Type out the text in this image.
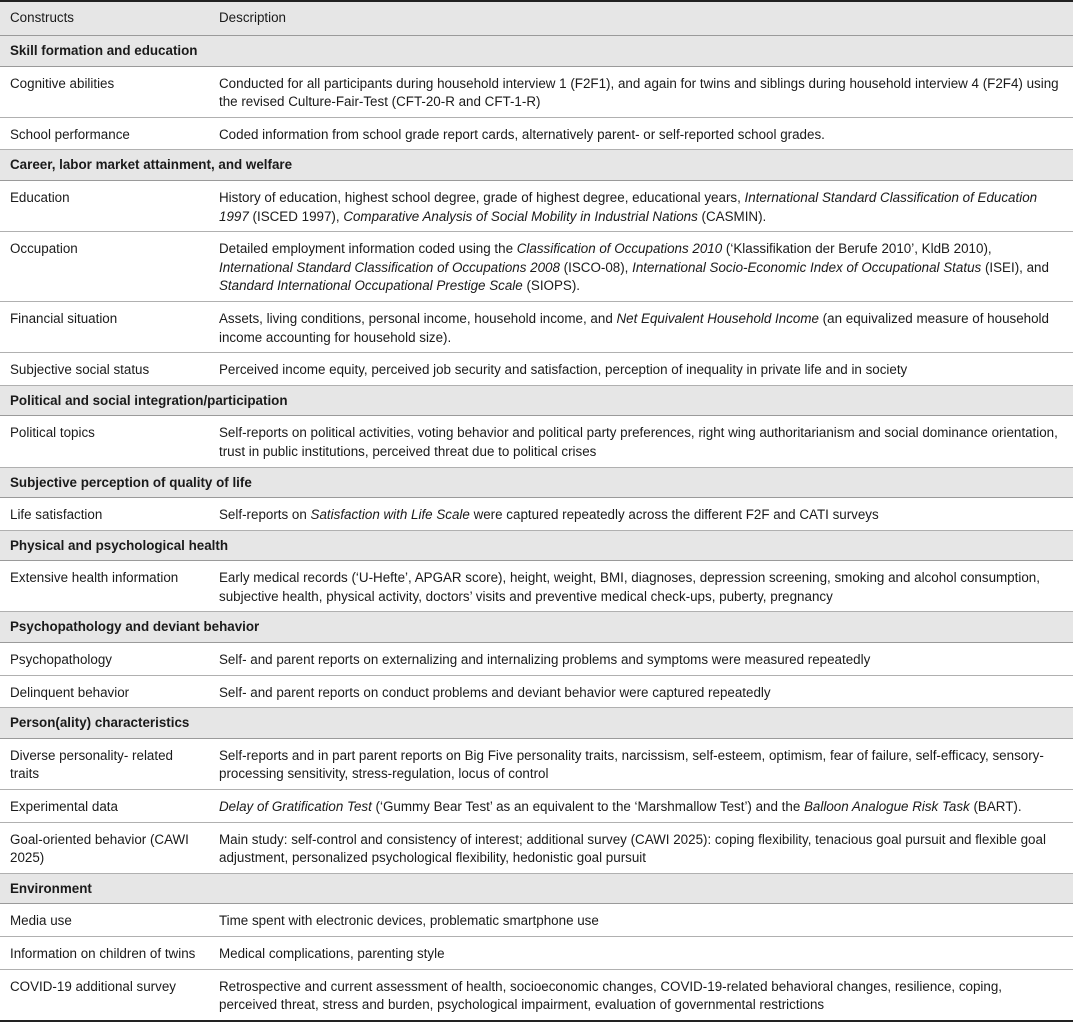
Constructs	Description
Skill formation and education	
Cognitive abilities	Conducted for all participants during household interview 1 (F2F1), and again for twins and siblings during household interview 4 (F2F4) using the revised Culture-Fair-Test (CFT-20-R and CFT-1-R)
School performance	Coded information from school grade report cards, alternatively parent- or self-reported school grades.
Career, labor market attainment, and welfare	
Education	History of education, highest school degree, grade of highest degree, educational years, International Standard Classification of Education 1997 (ISCED 1997), Comparative Analysis of Social Mobility in Industrial Nations (CASMIN).
Occupation	Detailed employment information coded using the Classification of Occupations 2010 (‘Klassifikation der Berufe 2010’, KldB 2010), International Standard Classification of Occupations 2008 (ISCO-08), International Socio-Economic Index of Occupational Status (ISEI), and Standard International Occupational Prestige Scale (SIOPS).
Financial situation	Assets, living conditions, personal income, household income, and Net Equivalent Household Income (an equivalized measure of household income accounting for household size).
Subjective social status	Perceived income equity, perceived job security and satisfaction, perception of inequality in private life and in society
Political and social integration/participation	
Political topics	Self-reports on political activities, voting behavior and political party preferences, right wing authoritarianism and social dominance orientation, trust in public institutions, perceived threat due to political crises
Subjective perception of quality of life	
Life satisfaction	Self-reports on Satisfaction with Life Scale were captured repeatedly across the different F2F and CATI surveys
Physical and psychological health	
Extensive health information	Early medical records (‘U-Hefte’, APGAR score), height, weight, BMI, diagnoses, depression screening, smoking and alcohol consumption, subjective health, physical activity, doctors’ visits and preventive medical check-ups, puberty, pregnancy
Psychopathology and deviant behavior	
Psychopathology	Self- and parent reports on externalizing and internalizing problems and symptoms were measured repeatedly
Delinquent behavior	Self- and parent reports on conduct problems and deviant behavior were captured repeatedly
Person(ality) characteristics	
Diverse personality- related traits	Self-reports and in part parent reports on Big Five personality traits, narcissism, self-esteem, optimism, fear of failure, self-efficacy, sensory-processing sensitivity, stress-regulation, locus of control
Experimental data	Delay of Gratification Test (‘Gummy Bear Test’ as an equivalent to the ‘Marshmallow Test’) and the Balloon Analogue Risk Task (BART).
Goal-oriented behavior (CAWI 2025)	Main study: self-control and consistency of interest; additional survey (CAWI 2025): coping flexibility, tenacious goal pursuit and flexible goal adjustment, personalized psychological flexibility, hedonistic goal pursuit
Environment	
Media use	Time spent with electronic devices, problematic smartphone use
Information on children of twins	Medical complications, parenting style
COVID-19 additional survey	Retrospective and current assessment of health, socioeconomic changes, COVID-19-related behavioral changes, resilience, coping, perceived threat, stress and burden, psychological impairment, evaluation of governmental restrictions
